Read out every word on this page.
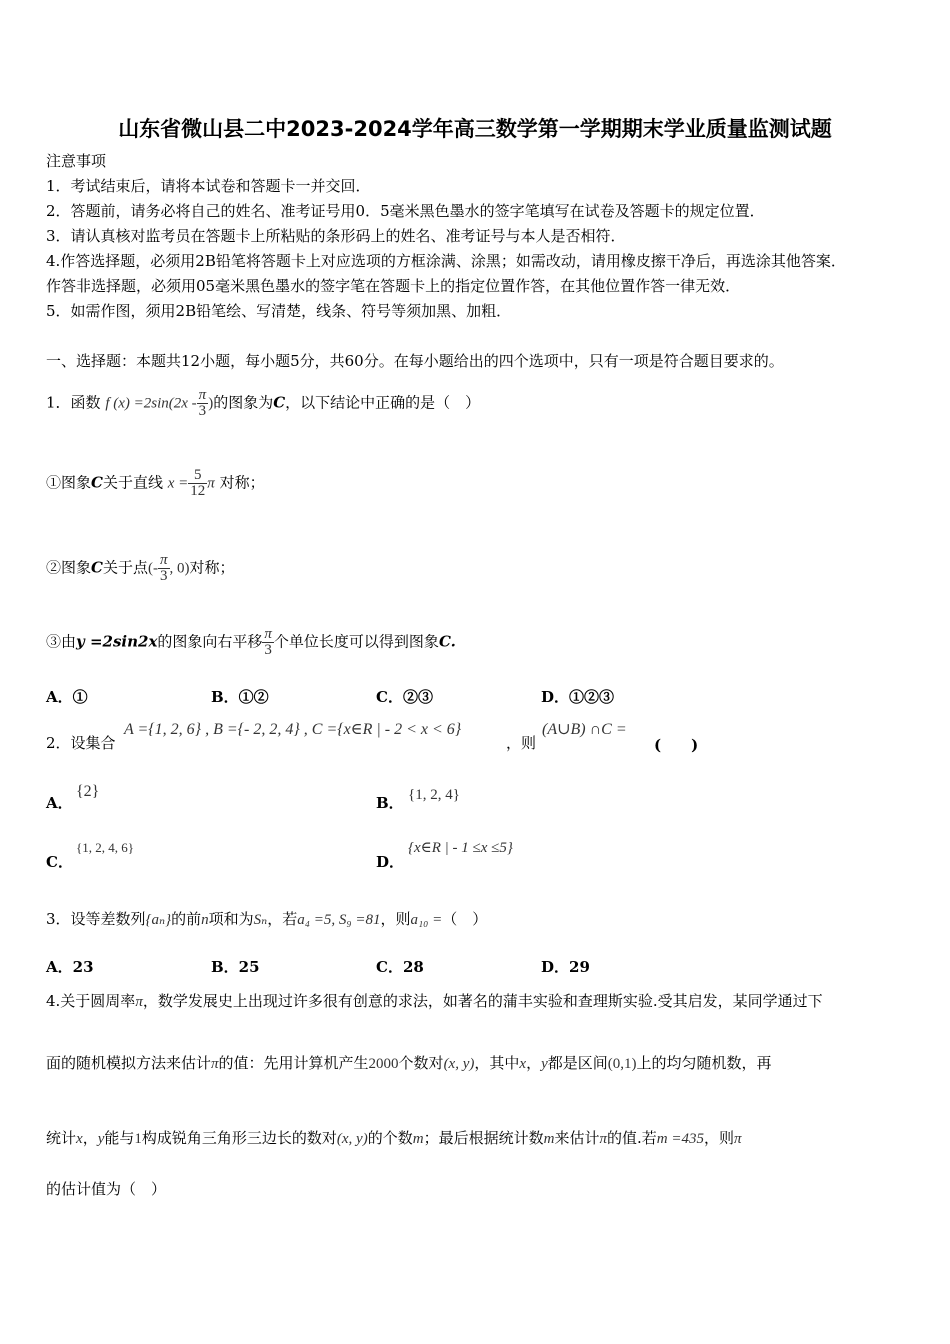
山东省微山县二中2023-2024学年高三数学第一学期期末学业质量监测试题
注意事项
1．考试结束后，请将本试卷和答题卡一并交回．
2．答题前，请务必将自己的姓名、准考证号用0．5毫米黑色墨水的签字笔填写在试卷及答题卡的规定位置．
3．请认真核对监考员在答题卡上所粘贴的条形码上的姓名、准考证号与本人是否相符．
4.作答选择题，必须用2B铅笔将答题卡上对应选项的方框涂满、涂黑；如需改动，请用橡皮擦干净后，再选涂其他答案．
作答非选择题，必须用05毫米黑色墨水的签字笔在答题卡上的指定位置作答，在其他位置作答一律无效．
5．如需作图，须用2B铅笔绘、写清楚，线条、符号等须加黑、加粗．
一、选择题：本题共12小题，每小题5分，共60分。在每小题给出的四个选项中，只有一项是符合题目要求的。
1．函数 f $(x) =2\sin(2x - \frac{\pi}{3}$ )的图象为C，以下结论中正确的是（　）
①图象C关于直线 $x = \frac{5}{12}$ π 对称；
②图象C关于点(- $\frac{\pi}{3}$ , 0)对称；
③由y =2sin2x的图象向右平移 $\frac{\pi}{3}$ 个单位长度可以得到图象C.
A．①	B．①②	C．②③	D．①②③
2．设集合
A ={1, 2, 6} , B ={- 2, 2, 4} , C ={x∈R | - 2 < x < 6}
，则
(A∪B) ∩C =
(　　)
A．
{2}
B． {1, 2, 4}
C．
{1, 2, 4, 6}
D．
{x∈R | - 1 ≤x ≤5}
3．设等差数列{aₙ}的前n项和为Sₙ，若a₄ =5, S₉ =81，则a₁₀ =（　）
A．23	B．25	C．28	D．29
4.关于圆周率π，数学发展史上出现过许多很有创意的求法，如著名的蒲丰实验和查理斯实验.受其启发，某同学通过下
面的随机模拟方法来估计π的值：先用计算机产生2000个数对(x, y)，其中x，y都是区间(0,1)上的均匀随机数，再
统计x，y能与1构成锐角三角形三边长的数对(x, y)的个数m；最后根据统计数m来估计π的值.若m =435，则π
的估计值为（　）
